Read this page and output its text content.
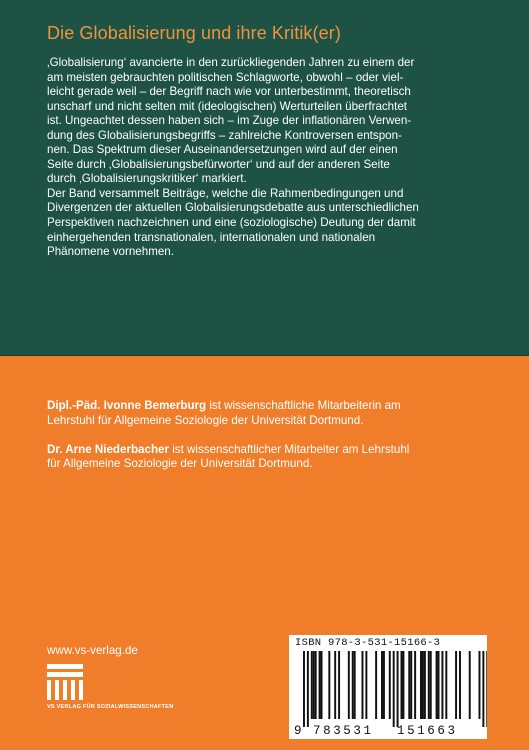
Die Globalisierung und ihre Kritik(er)
‚Globalisierung‘ avancierte in den zurückliegenden Jahren zu einem der
am meisten gebrauchten politischen Schlagworte, obwohl – oder viel-
leicht gerade weil – der Begriff nach wie vor unterbestimmt, theoretisch
unscharf und nicht selten mit (ideologischen) Werturteilen überfrachtet
ist. Ungeachtet dessen haben sich – im Zuge der inflationären Verwen-
dung des Globalisierungsbegriffs – zahlreiche Kontroversen entspon-
nen. Das Spektrum dieser Auseinandersetzungen wird auf der einen
Seite durch ‚Globalisierungsbefürworter‘ und auf der anderen Seite
durch ‚Globalisierungskritiker‘ markiert.
Der Band versammelt Beiträge, welche die Rahmenbedingungen und
Divergenzen der aktuellen Globalisierungsdebatte aus unterschiedlichen
Perspektiven nachzeichnen und eine (soziologische) Deutung der damit
einhergehenden transnationalen, internationalen und nationalen
Phänomene vornehmen.
Dipl.-Päd. Ivonne Bemerburg ist wissenschaftliche Mitarbeiterin am
Lehrstuhl für Allgemeine Soziologie der Universität Dortmund.
Dr. Arne Niederbacher ist wissenschaftlicher Mitarbeiter am Lehrstuhl
für Allgemeine Soziologie der Universität Dortmund.
www.vs-verlag.de
VS VERLAG FÜR SOZIALWISSENSCHAFTEN
ISBN 978-3-531-15166-3
9 783531 151663
